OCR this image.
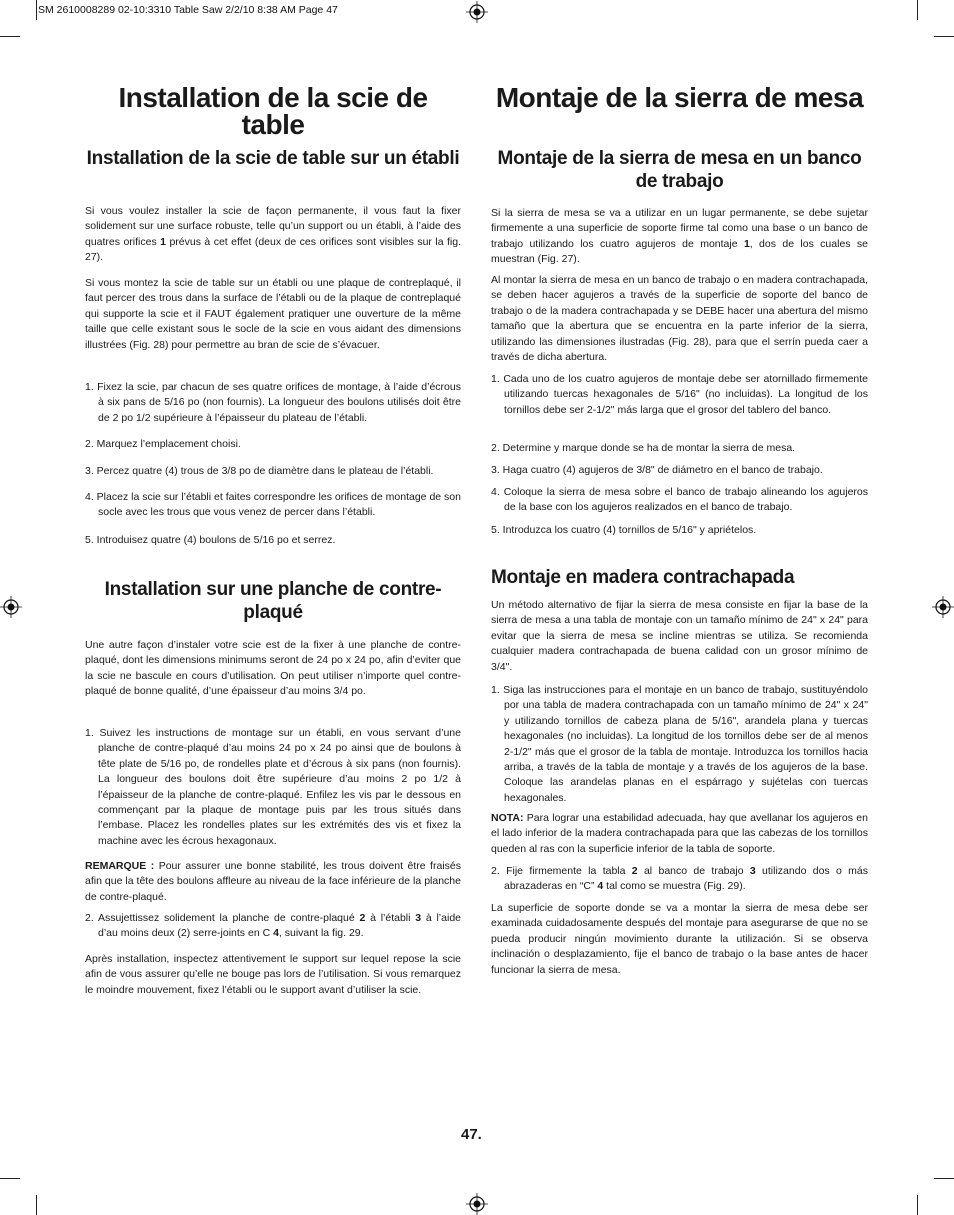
SM 2610008289 02-10:3310 Table Saw 2/2/10 8:38 AM Page 47
Installation de la scie de table
Installation de la scie de table sur un établi

Si vous voulez installer la scie de façon permanente, il vous faut la fixer solidement sur une surface robuste, telle qu’un support ou un établi, à l’aide des quatres orifices 1 prévus à cet effet (deux de ces orifices sont visibles sur la fig. 27).

Si vous montez la scie de table sur un établi ou une plaque de contreplaqué, il faut percer des trous dans la surface de l’établi ou de la plaque de contreplaqué qui supporte la scie et il FAUT également pratiquer une ouverture de la même taille que celle existant sous le socle de la scie en vous aidant des dimensions illustrées (Fig. 28) pour permettre au bran de scie de s’évacuer.

1. Fixez la scie, par chacun de ses quatre orifices de montage, à l’aide d’écrous à six pans de 5/16 po (non fournis). La longueur des boulons utilisés doit être de 2 po 1/2 supérieure à l’épaisseur du plateau de l’établi.

2. Marquez l’emplacement choisi.

3. Percez quatre (4) trous de 3/8 po de diamètre dans le plateau de l’établi.

4. Placez la scie sur l’établi et faites correspondre les orifices de montage de son socle avec les trous que vous venez de percer dans l’établi.

5. Introduisez quatre (4) boulons de 5/16 po et serrez.

Installation sur une planche de contre-plaqué

Une autre façon d’instaler votre scie est de la fixer à une planche de contre-plaqué, dont les dimensions minimums seront de 24 po x 24 po, afin d’eviter que la scie ne bascule en cours d’utilisation. On peut utiliser n’importe quel contre-plaqué de bonne qualité, d’une épaisseur d’au moins 3/4 po.

1. Suivez les instructions de montage sur un établi, en vous servant d’une planche de contre-plaqué d’au moins 24 po x 24 po ainsi que de boulons à tête plate de 5/16 po, de rondelles plate et d’écrous à six pans (non fournis). La longueur des boulons doit être supérieure d’au moins 2 po 1/2 à l’épaisseur de la planche de contre-plaqué. Enfilez les vis par le dessous en commençant par la plaque de montage puis par les trous situés dans l’embase. Placez les rondelles plates sur les extrémités des vis et fixez la machine avec les écrous hexagonaux.

REMARQUE : Pour assurer une bonne stabilité, les trous doivent être fraisés afin que la tête des boulons affleure au niveau de la face inférieure de la planche de contre-plaqué.

2. Assujettissez solidement la planche de contre-plaqué 2 à l’établi 3 à l’aide d’au moins deux (2) serre-joints en C 4, suivant la fig. 29.

Après installation, inspectez attentivement le support sur lequel repose la scie afin de vous assurer qu’elle ne bouge pas lors de l’utilisation. Si vous remarquez le moindre mouvement, fixez l’établi ou le support avant d’utiliser la scie.

Montaje de la sierra de mesa
Montaje de la sierra de mesa en un banco de trabajo

Si la sierra de mesa se va a utilizar en un lugar permanente, se debe sujetar firmemente a una superficie de soporte firme tal como una base o un banco de trabajo utilizando los cuatro agujeros de montaje 1, dos de los cuales se muestran (Fig. 27).

Al montar la sierra de mesa en un banco de trabajo o en madera contrachapada, se deben hacer agujeros a través de la superficie de soporte del banco de trabajo o de la madera contrachapada y se DEBE hacer una abertura del mismo tamaño que la abertura que se encuentra en la parte inferior de la sierra, utilizando las dimensiones ilustradas (Fig. 28), para que el serrín pueda caer a través de dicha abertura.

1. Cada uno de los cuatro agujeros de montaje debe ser atornillado firmemente utilizando tuercas hexagonales de 5/16" (no incluidas). La longitud de los tornillos debe ser 2-1/2" más larga que el grosor del tablero del banco.

2. Determine y marque donde se ha de montar la sierra de mesa.

3. Haga cuatro (4) agujeros de 3/8" de diámetro en el banco de trabajo.

4. Coloque la sierra de mesa sobre el banco de trabajo alineando los agujeros de la base con los agujeros realizados en el banco de trabajo.

5. Introduzca los cuatro (4) tornillos de 5/16" y apriételos.

Montaje en madera contrachapada

Un método alternativo de fijar la sierra de mesa consiste en fijar la base de la sierra de mesa a una tabla de montaje con un tamaño mínimo de 24" x 24" para evitar que la sierra de mesa se incline mientras se utiliza. Se recomienda cualquier madera contrachapada de buena calidad con un grosor mínimo de 3/4".

1. Siga las instrucciones para el montaje en un banco de trabajo, sustituyéndolo por una tabla de madera contrachapada con un tamaño mínimo de 24" x 24" y utilizando tornillos de cabeza plana de 5/16", arandela plana y tuercas hexagonales (no incluidas). La longitud de los tornillos debe ser de al menos 2-1/2" más que el grosor de la tabla de montaje. Introduzca los tornillos hacia arriba, a través de la tabla de montaje y a través de los agujeros de la base. Coloque las arandelas planas en el espárrago y sujételas con tuercas hexagonales.

NOTA: Para lograr una estabilidad adecuada, hay que avellanar los agujeros en el lado inferior de la madera contrachapada para que las cabezas de los tornillos queden al ras con la superficie inferior de la tabla de soporte.

2. Fije firmemente la tabla 2 al banco de trabajo 3 utilizando dos o más abrazaderas en “C” 4 tal como se muestra (Fig. 29).

La superficie de soporte donde se va a montar la sierra de mesa debe ser examinada cuidadosamente después del montaje para asegurarse de que no se pueda producir ningún movimiento durante la utilización. Si se observa inclinación o desplazamiento, fije el banco de trabajo o la base antes de hacer funcionar la sierra de mesa.

47.
